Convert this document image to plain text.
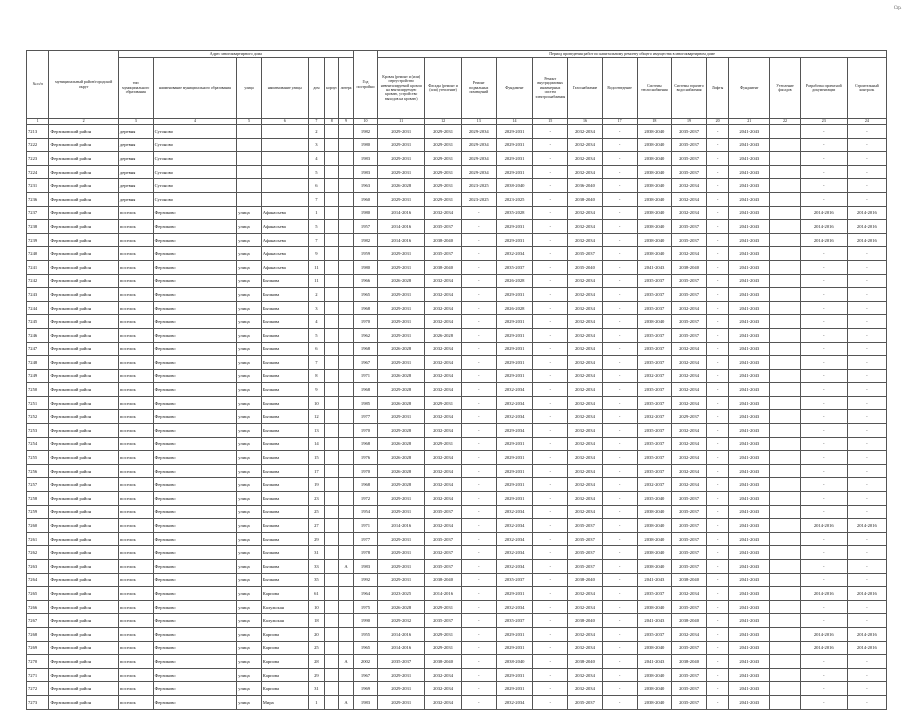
Стр.
№ п/п	муниципальный район/городской округ	Адрес многоквартирного дома							Год постройки	Период проведения работ по капитальному ремонту общего имущества в многоквартирном доме													
		тип муниципального образования	наименование муниципального образования	улица	наименование улицы	дом	корпус	литера		Кровля (ремонт и (или) переустройство невентилируемой кровли на вентилируемую кровлю, устройство выходов на кровлю)	Фасады (ремонт и (или) утепление)	Ремонт подвальных помещений	Фундамент	Ремонт внутридомовых инженерных систем электроснабжения	Газоснабжение	Водоотведение	Системы теплоснабжения	Системы горячего водоснабжения	Лифты	Фундамент	Утепление фасадов	Разработка проектной документации	Строительный контроль
1	2	3	4	5	6	7	8	9	10	11	12	13	14	15	16	17	18	19	20	21	22	23	24
7213	Ферзиковский район	деревня	Сугоново			2			1982	2029-2031	2029-2031	2029-2034	2029-2031	-	2032-2034	-	2038-2040	2035-2037	-	2041-2043		-	-
7222	Ферзиковский район	деревня	Сугоново			3			1980	2029-2031	2029-2031	2029-2034	2029-2031	-	2032-2034	-	2038-2040	2035-2037	-	2041-2043		-	-
7223	Ферзиковский район	деревня	Сугоново			4			1983	2029-2031	2029-2031	2029-2034	2029-2031	-	2032-2034	-	2038-2040	2035-2037	-	2041-2043		-	-
7224	Ферзиковский район	деревня	Сугоново			5			1983	2029-2031	2029-2031	2029-2034	2029-2031	-	2032-2034	-	2038-2040	2035-2037	-	2041-2043		-	-
7231	Ферзиковский район	деревня	Сугоново			6			1963	2026-2028	2029-2031	2023-2025	2038-2040	-	2036-2040	-	2038-2040	2032-2034	-	2041-2043		-	-
7236	Ферзиковский район	деревня	Сугоново			7			1960	2029-2031	2029-2031	2023-2025	2023-2025	-	2038-2040	-	2038-2040	2032-2034	-	2041-2043		-	-
7237	Ферзиковский район	поселок	Ферзиково	улица	Афанасьева	1			1980	2014-2016	2032-2034	-	2035-2028	-	2032-2034	-	2038-2040	2032-2034	-	2041-2043		2014-2016	2014-2016
7238	Ферзиковский район	поселок	Ферзиково	улица	Афанасьева	5			1957	2014-2016	2035-2037	-	2029-2031	-	2032-2034	-	2038-2040	2035-2037	-	2041-2043		2014-2016	2014-2016
7239	Ферзиковский район	поселок	Ферзиково	улица	Афанасьева	7			1982	2014-2016	2038-2040	-	2029-2031	-	2032-2034	-	2038-2040	2035-2037	-	2041-2043		2014-2016	2014-2016
7240	Ферзиковский район	поселок	Ферзиково	улица	Афанасьева	9			1959	2029-2031	2035-2037	-	2032-2034	-	2035-2037	-	2038-2040	2032-2034	-	2041-2043		-	-
7241	Ферзиковский район	поселок	Ферзиково	улица	Афанасьева	11			1980	2029-2031	2038-2040	-	2035-2037	-	2035-2040	-	2041-2043	2038-2040	-	2041-2043		-	-
7242	Ферзиковский район	поселок	Ферзиково	улица	Бычкова	11			1966	2026-2028	2032-2034	-	2026-2028	-	2032-2034	-	2035-2037	2035-2037	-	2041-2043		-	-
7243	Ферзиковский район	поселок	Ферзиково	улица	Бычкова	2			1965	2029-2031	2032-2034	-	2029-2031	-	2032-2034	-	2035-2037	2035-2037	-	2041-2043		-	-
7244	Ферзиковский район	поселок	Ферзиково	улица	Бычкова	3			1968	2029-2031	2032-2034	-	2026-2028	-	2032-2034	-	2035-2037	2032-2034	-	2041-2043		-	-
7245	Ферзиковский район	поселок	Ферзиково	улица	Бычкова	4			1970	2029-2031	2032-2034	-	2029-2031	-	2032-2034	-	2038-2040	2035-2037	-	2041-2043		-	-
7246	Ферзиковский район	поселок	Ферзиково	улица	Бычкова	5			1962	2029-2031	2026-2028	-	2029-2031	-	2032-2034	-	2035-2037	2035-2037	-	2041-2043		-	-
7247	Ферзиковский район	поселок	Ферзиково	улица	Бычкова	6			1968	2026-2028	2032-2034	-	2029-2031	-	2032-2034	-	2035-2037	2032-2034	-	2041-2043		-	-
7248	Ферзиковский район	поселок	Ферзиково	улица	Бычкова	7			1967	2029-2031	2032-2034	-	2029-2031	-	2032-2034	-	2035-2037	2032-2034	-	2041-2043		-	-
7249	Ферзиковский район	поселок	Ферзиково	улица	Бычкова	8			1971	2026-2028	2032-2034	-	2029-2031	-	2032-2034	-	2032-2037	2032-2034	-	2041-2043		-	-
7250	Ферзиковский район	поселок	Ферзиково	улица	Бычкова	9			1968	2029-2028	2032-2034	-	2032-2034	-	2032-2034	-	2035-2037	2032-2034	-	2041-2043		-	-
7251	Ферзиковский район	поселок	Ферзиково	улица	Бычкова	10			1985	2026-2028	2029-2031	-	2032-2034	-	2032-2034	-	2035-2037	2032-2034	-	2041-2043		-	-
7252	Ферзиковский район	поселок	Ферзиково	улица	Бычкова	12			1977	2029-2031	2032-2034	-	2032-2034	-	2032-2034	-	2032-2037	2029-2037	-	2041-2043		-	-
7253	Ферзиковский район	поселок	Ферзиково	улица	Бычкова	13			1970	2029-2028	2032-2034	-	2029-2034	-	2032-2034	-	2035-2037	2032-2034	-	2041-2043		-	-
7254	Ферзиковский район	поселок	Ферзиково	улица	Бычкова	14			1968	2026-2028	2029-2031	-	2029-2031	-	2032-2034	-	2035-2037	2032-2034	-	2041-2043		-	-
7255	Ферзиковский район	поселок	Ферзиково	улица	Бычкова	15			1976	2026-2028	2032-2034	-	2029-2031	-	2032-2034	-	2035-2037	2032-2034	-	2041-2043		-	-
7256	Ферзиковский район	поселок	Ферзиково	улица	Бычкова	17			1970	2026-2028	2032-2034	-	2029-2031	-	2032-2034	-	2035-2037	2032-2034	-	2041-2043		-	-
7257	Ферзиковский район	поселок	Ферзиково	улица	Бычкова	19			1968	2029-2028	2032-2034	-	2029-2031	-	2032-2034	-	2032-2037	2032-2034	-	2041-2043		-	-
7258	Ферзиковский район	поселок	Ферзиково	улица	Бычкова	23			1972	2029-2031	2032-2034	-	2029-2031	-	2032-2034	-	2035-2040	2035-2037	-	2041-2043		-	-
7259	Ферзиковский район	поселок	Ферзиково	улица	Бычкова	25			1954	2029-2031	2035-2037	-	2032-2034	-	2032-2034	-	2038-2040	2035-2037	-	2041-2043		-	-
7260	Ферзиковский район	поселок	Ферзиково	улица	Бычкова	27			1971	2014-2016	2032-2034	-	2032-2034	-	2035-2037	-	2038-2040	2035-2037	-	2041-2043		2014-2016	2014-2016
7261	Ферзиковский район	поселок	Ферзиково	улица	Бычкова	29			1977	2029-2031	2035-2037	-	2032-2034	-	2035-2037	-	2038-2040	2035-2037	-	2041-2043		-	-
7262	Ферзиковский район	поселок	Ферзиково	улица	Бычкова	31			1978	2029-2031	2032-2037	-	2032-2034	-	2035-2037	-	2038-2040	2035-2037	-	2041-2043		-	-
7263	Ферзиковский район	поселок	Ферзиково	улица	Бычкова	33		А	1983	2029-2031	2035-2037	-	2032-2034	-	2035-2037	-	2038-2040	2035-2037	-	2041-2043		-	-
7264	Ферзиковский район	поселок	Ферзиково	улица	Бычкова	35			1992	2029-2031	2038-2040	-	2035-2037	-	2038-2040	-	2041-2043	2038-2040	-	2041-2043		-	-
7265	Ферзиковский район	поселок	Ферзиково	улица	Карпова	61			1964	2023-2025	2014-2016	-	2029-2031	-	2032-2034	-	2035-2037	2032-2034	-	2041-2043		2014-2016	2014-2016
7266	Ферзиковский район	поселок	Ферзиково	улица	Калужская	10			1975	2026-2028	2029-2031	-	2032-2034	-	2032-2034	-	2038-2040	2035-2037	-	2041-2043		-	-
7267	Ферзиковский район	поселок	Ферзиково	улица	Калужская	18			1990	2029-2032	2035-2037	-	2035-2037	-	2038-2040	-	2041-2043	2038-2040	-	2041-2043		-	-
7268	Ферзиковский район	поселок	Ферзиково	улица	Карпова	20			1955	2014-2016	2029-2031	-	2029-2031	-	2032-2034	-	2035-2037	2032-2034	-	2041-2043		2014-2016	2014-2016
7269	Ферзиковский район	поселок	Ферзиково	улица	Карпова	25			1965	2014-2016	2029-2031	-	2029-2031	-	2032-2034	-	2038-2040	2035-2037	-	2041-2043		2014-2016	2014-2016
7270	Ферзиковский район	поселок	Ферзиково	улица	Карпова	28		А	2002	2035-2037	2038-2040	-	2038-2040	-	2038-2040	-	2041-2043	2038-2040	-	2041-2043		-	-
7271	Ферзиковский район	поселок	Ферзиково	улица	Карпова	29			1967	2029-2031	2032-2034	-	2029-2031	-	2032-2034	-	2038-2040	2035-2037	-	2041-2043		-	-
7272	Ферзиковский район	поселок	Ферзиково	улица	Карпова	31			1969	2029-2031	2032-2034	-	2029-2031	-	2032-2034	-	2038-2040	2035-2037	-	2041-2043		-	-
7273	Ферзиковский район	поселок	Ферзиково	улица	Мира	1		А	1983	2029-2031	2032-2034	-	2032-2034	-	2035-2037	-	2038-2040	2035-2037	-	2041-2043		-	-
